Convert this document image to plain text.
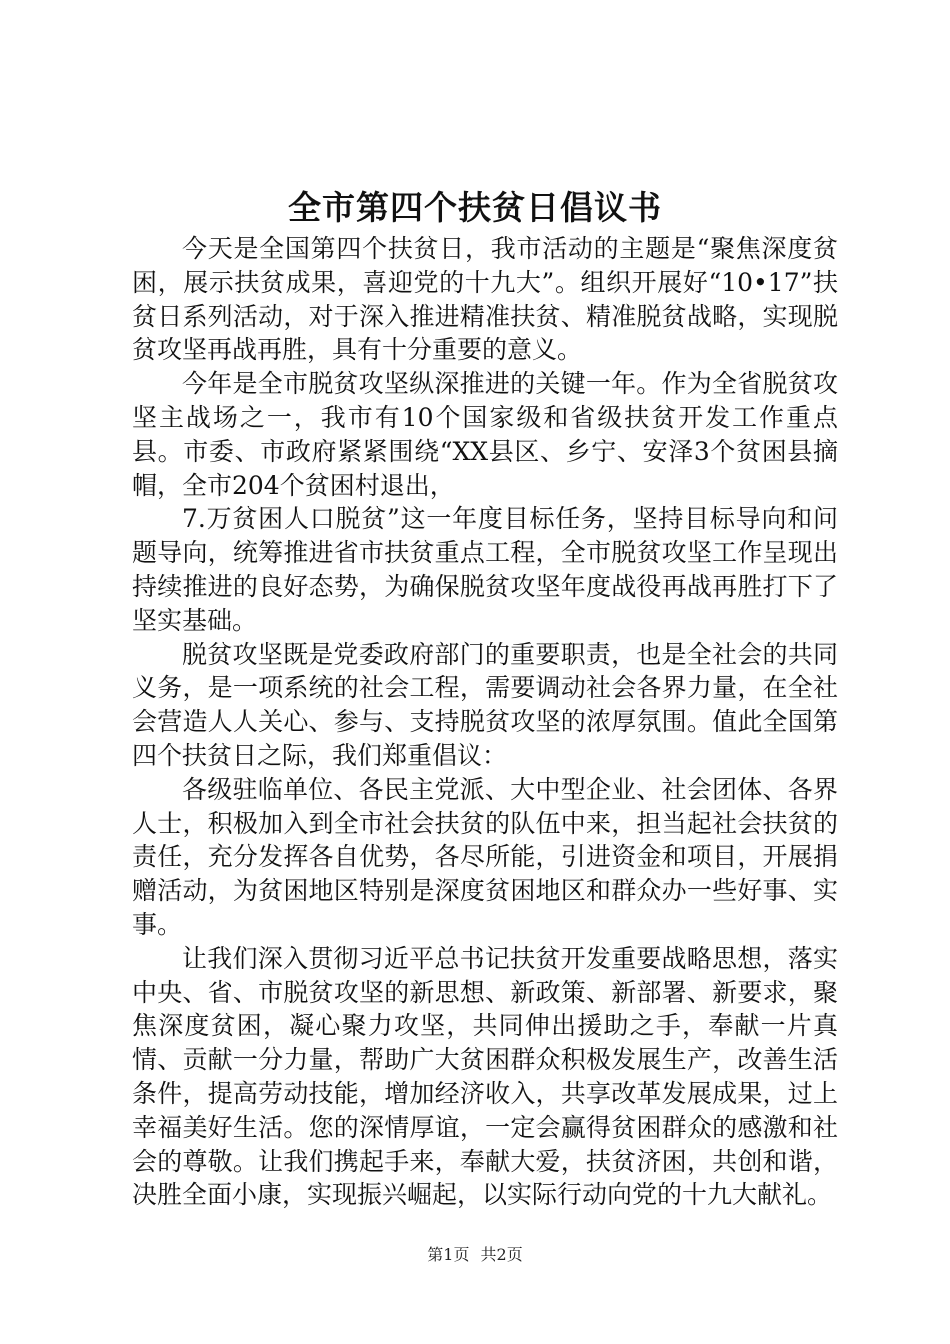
全市第四个扶贫日倡议书

今天是全国第四个扶贫日，我市活动的主题是“聚焦深度贫困，展示扶贫成果，喜迎党的十九大”。组织开展好“10•17”扶贫日系列活动，对于深入推进精准扶贫、精准脱贫战略，实现脱贫攻坚再战再胜，具有十分重要的意义。

今年是全市脱贫攻坚纵深推进的关键一年。作为全省脱贫攻坚主战场之一，我市有10个国家级和省级扶贫开发工作重点县。市委、市政府紧紧围绕“XX县区、乡宁、安泽3个贫困县摘帽，全市204个贫困村退出，

7.万贫困人口脱贫”这一年度目标任务，坚持目标导向和问题导向，统筹推进省市扶贫重点工程，全市脱贫攻坚工作呈现出持续推进的良好态势，为确保脱贫攻坚年度战役再战再胜打下了坚实基础。

脱贫攻坚既是党委政府部门的重要职责，也是全社会的共同义务，是一项系统的社会工程，需要调动社会各界力量，在全社会营造人人关心、参与、支持脱贫攻坚的浓厚氛围。值此全国第四个扶贫日之际，我们郑重倡议：

各级驻临单位、各民主党派、大中型企业、社会团体、各界人士，积极加入到全市社会扶贫的队伍中来，担当起社会扶贫的责任，充分发挥各自优势，各尽所能，引进资金和项目，开展捐赠活动，为贫困地区特别是深度贫困地区和群众办一些好事、实事。

让我们深入贯彻习近平总书记扶贫开发重要战略思想，落实中央、省、市脱贫攻坚的新思想、新政策、新部署、新要求，聚焦深度贫困，凝心聚力攻坚，共同伸出援助之手，奉献一片真情、贡献一分力量，帮助广大贫困群众积极发展生产，改善生活条件，提高劳动技能，增加经济收入，共享改革发展成果，过上幸福美好生活。您的深情厚谊，一定会赢得贫困群众的感激和社会的尊敬。让我们携起手来，奉献大爱，扶贫济困，共创和谐，决胜全面小康，实现振兴崛起，以实际行动向党的十九大献礼。

第1页 共2页
